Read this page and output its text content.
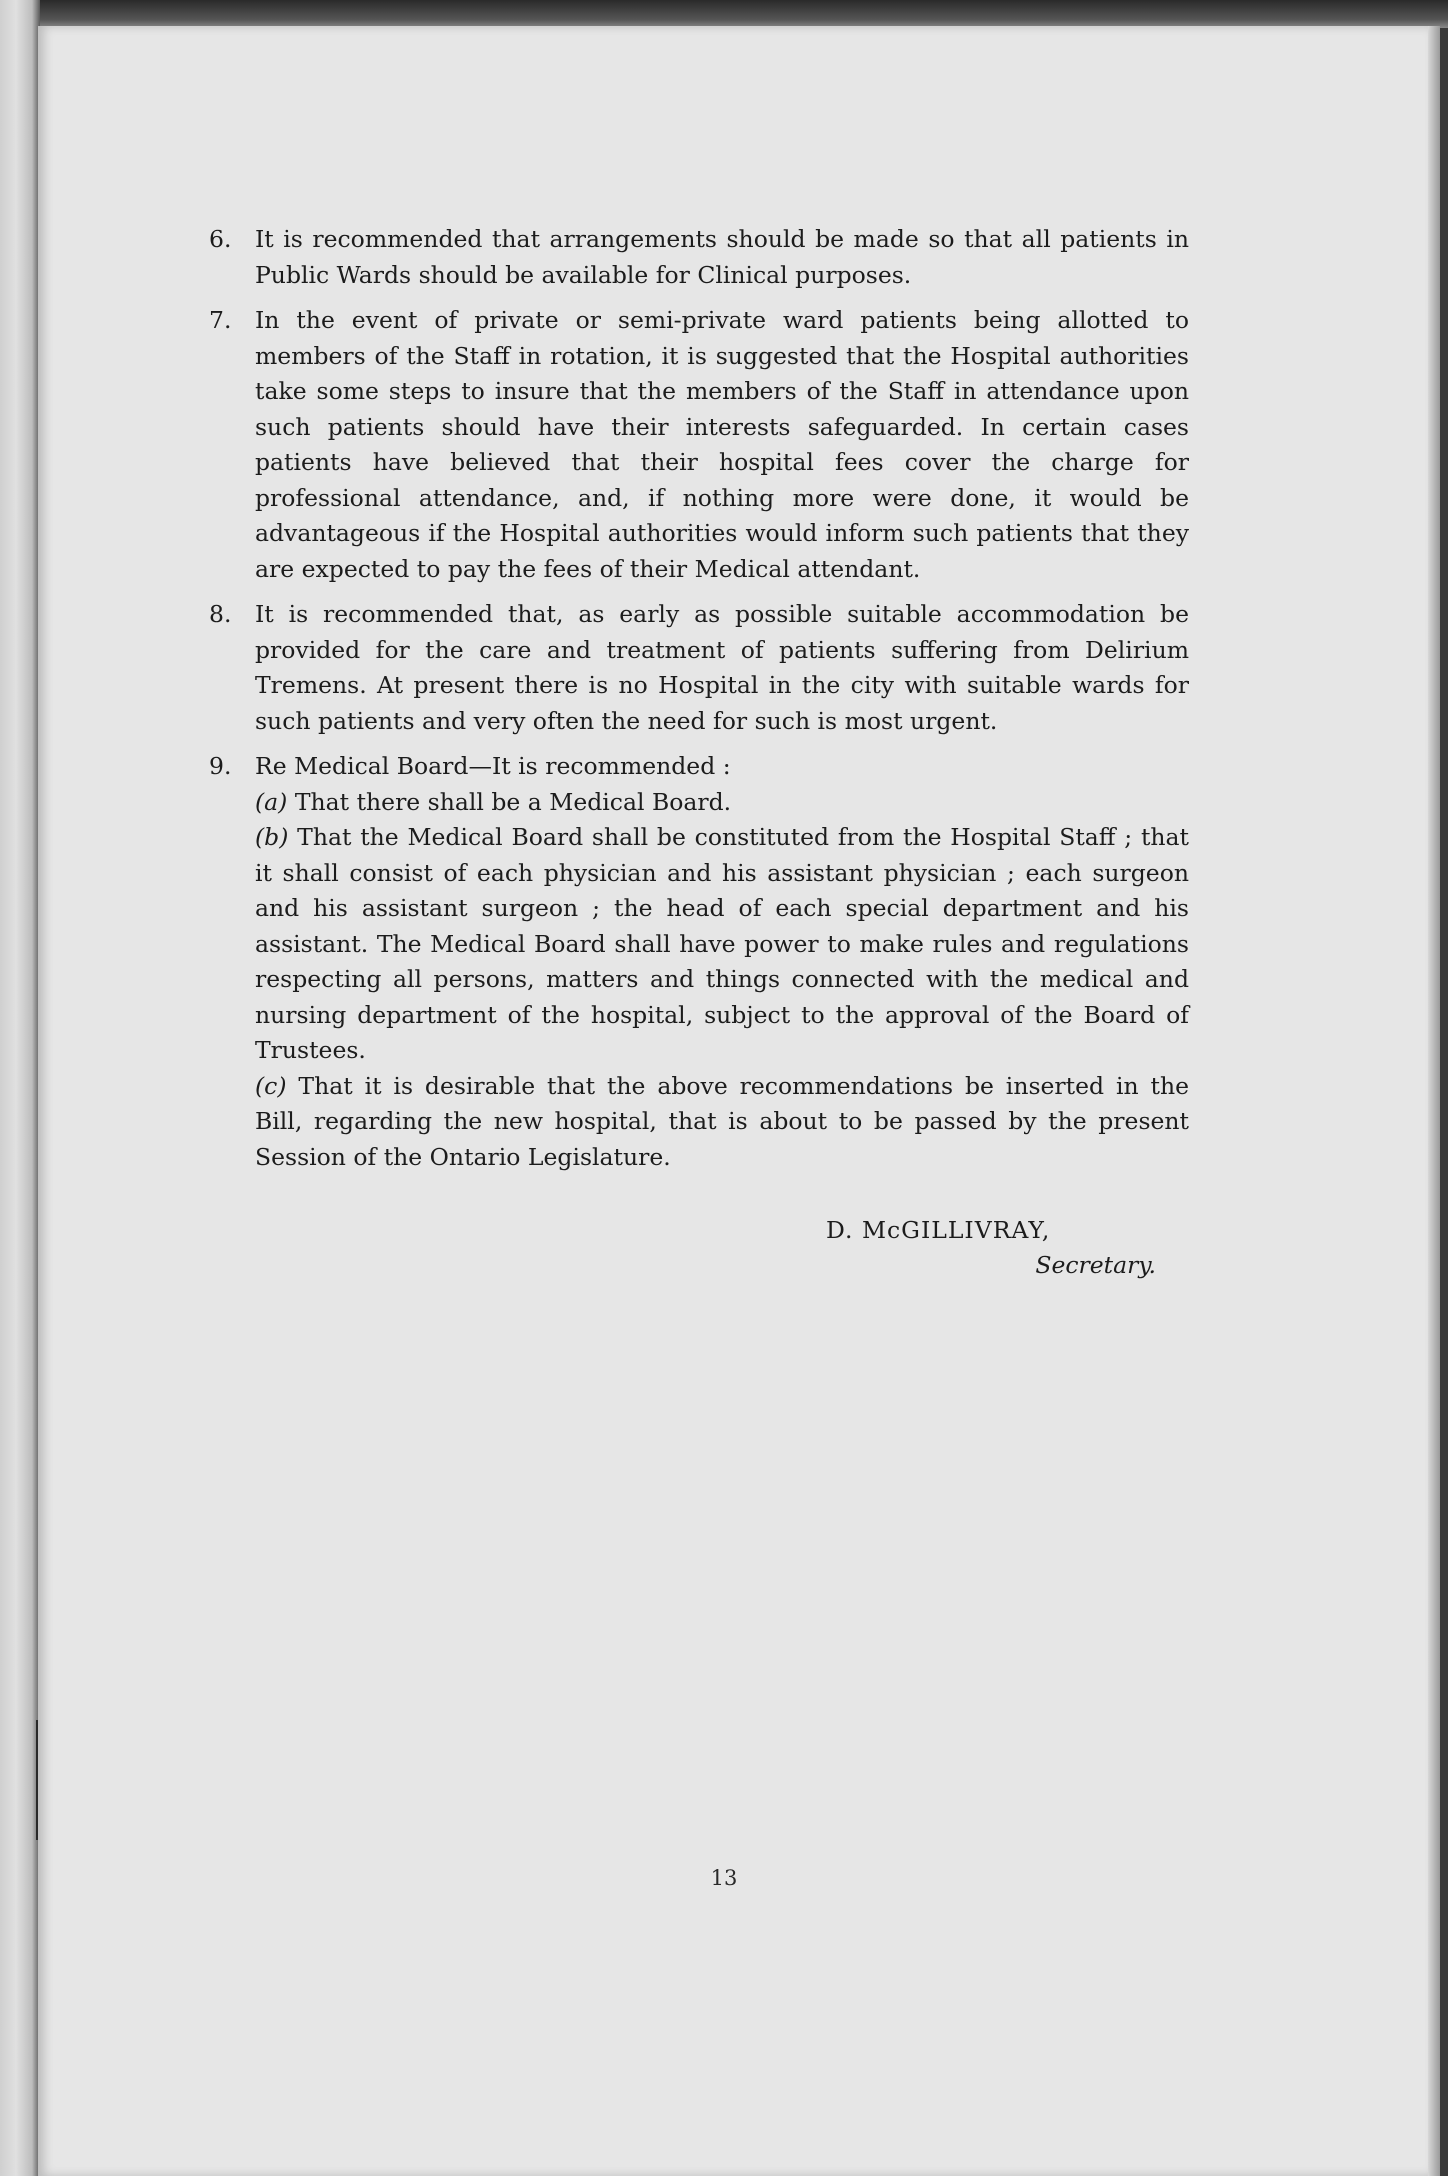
6. It is recommended that arrangements should be made so that all patients in Public Wards should be available for Clinical purposes.

7. In the event of private or semi-private ward patients being allotted to members of the Staff in rotation, it is suggested that the Hospital authorities take some steps to insure that the members of the Staff in attendance upon such patients should have their interests safeguarded. In certain cases patients have believed that their hospital fees cover the charge for professional attendance, and, if nothing more were done, it would be advantageous if the Hospital authorities would inform such patients that they are expected to pay the fees of their Medical attendant.

8. It is recommended that, as early as possible suitable accommodation be provided for the care and treatment of patients suffering from Delirium Tremens. At present there is no Hospital in the city with suitable wards for such patients and very often the need for such is most urgent.

9. Re Medical Board—It is recommended :

(a) That there shall be a Medical Board.

(b) That the Medical Board shall be constituted from the Hospital Staff ; that it shall consist of each physician and his assistant physician ; each surgeon and his assistant surgeon ; the head of each special department and his assistant. The Medical Board shall have power to make rules and regulations respecting all persons, matters and things connected with the medical and nursing department of the hospital, subject to the approval of the Board of Trustees.

(c) That it is desirable that the above recommendations be inserted in the Bill, regarding the new hospital, that is about to be passed by the present Session of the Ontario Legislature.

D. McGILLIVRAY,
Secretary.
13
